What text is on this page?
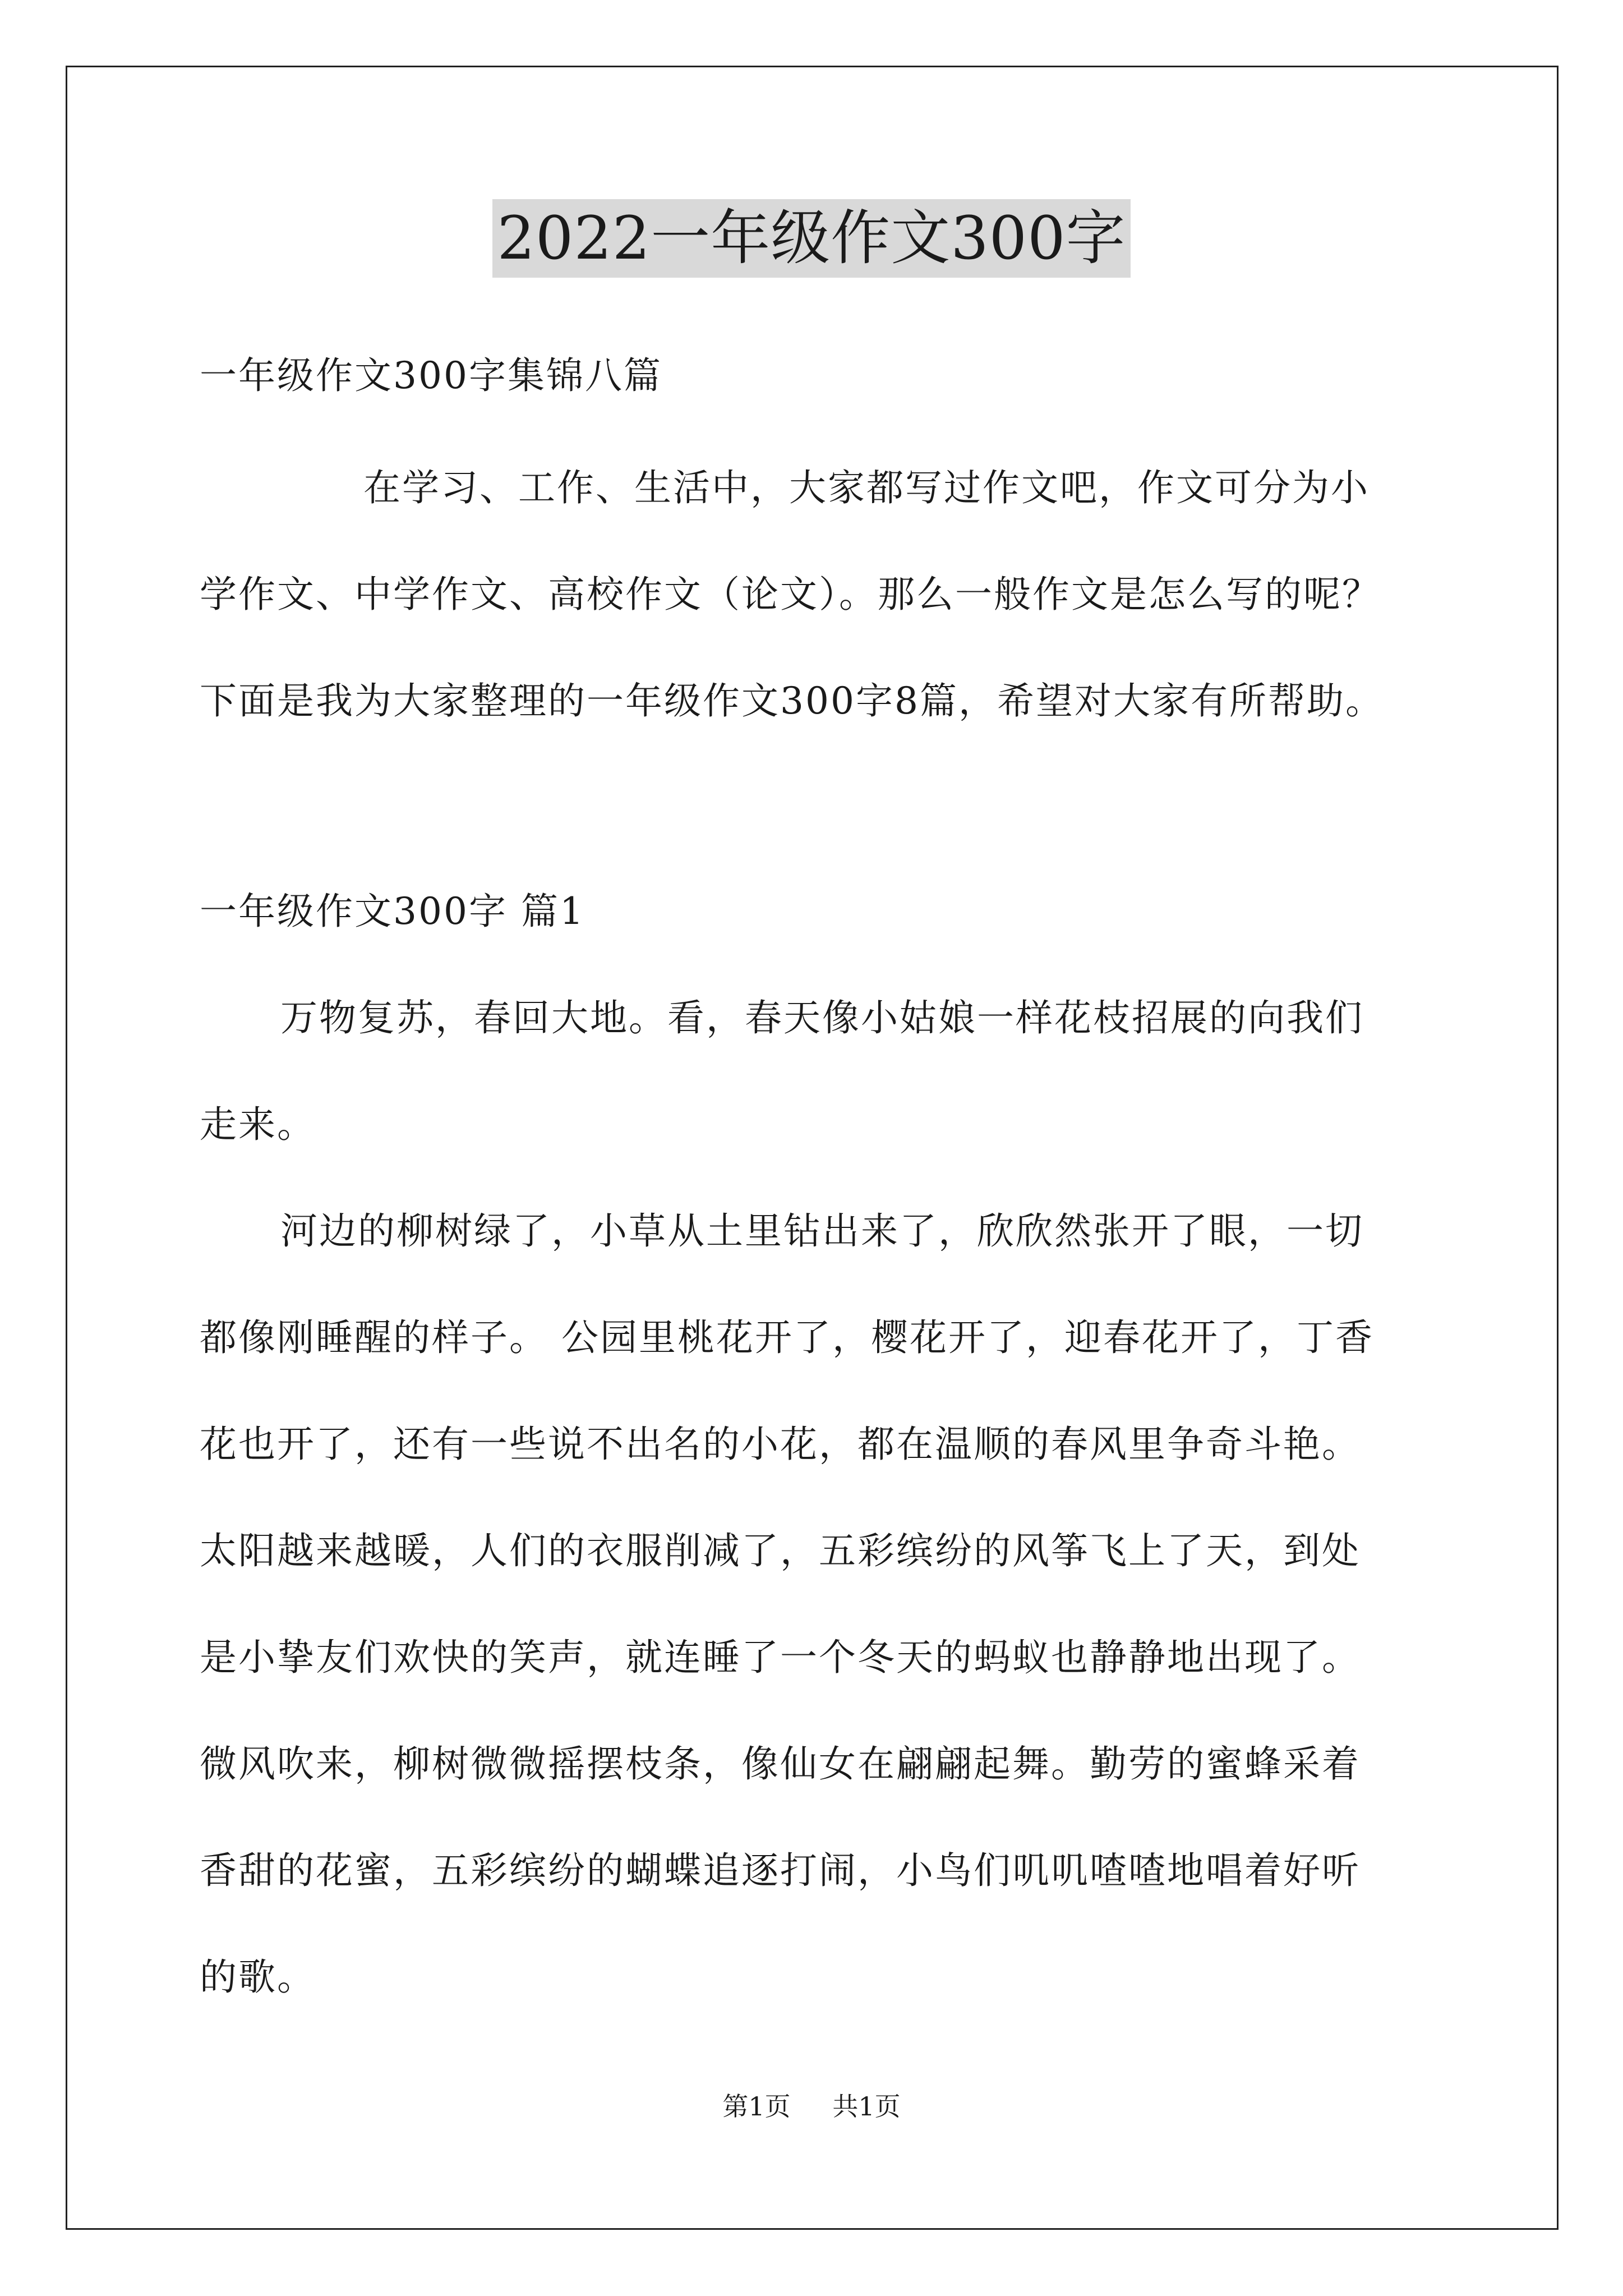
2022一年级作文300字
一年级作文300字集锦八篇
在学习、工作、生活中，大家都写过作文吧，作文可分为小
学作文、中学作文、高校作文（论文）。那么一般作文是怎么写的呢？
下面是我为大家整理的一年级作文300字8篇，希望对大家有所帮助。
一年级作文300字 篇1
万物复苏，春回大地。看，春天像小姑娘一样花枝招展的向我们
走来。
河边的柳树绿了，小草从土里钻出来了，欣欣然张开了眼，一切
都像刚睡醒的样子。 公园里桃花开了，樱花开了，迎春花开了，丁香
花也开了，还有一些说不出名的小花，都在温顺的春风里争奇斗艳。
太阳越来越暖，人们的衣服削减了，五彩缤纷的风筝飞上了天，到处
是小挚友们欢快的笑声，就连睡了一个冬天的蚂蚁也静静地出现了。
微风吹来，柳树微微摇摆枝条，像仙女在翩翩起舞。勤劳的蜜蜂采着
香甜的花蜜，五彩缤纷的蝴蝶追逐打闹，小鸟们叽叽喳喳地唱着好听
的歌。
第1页 共1页
